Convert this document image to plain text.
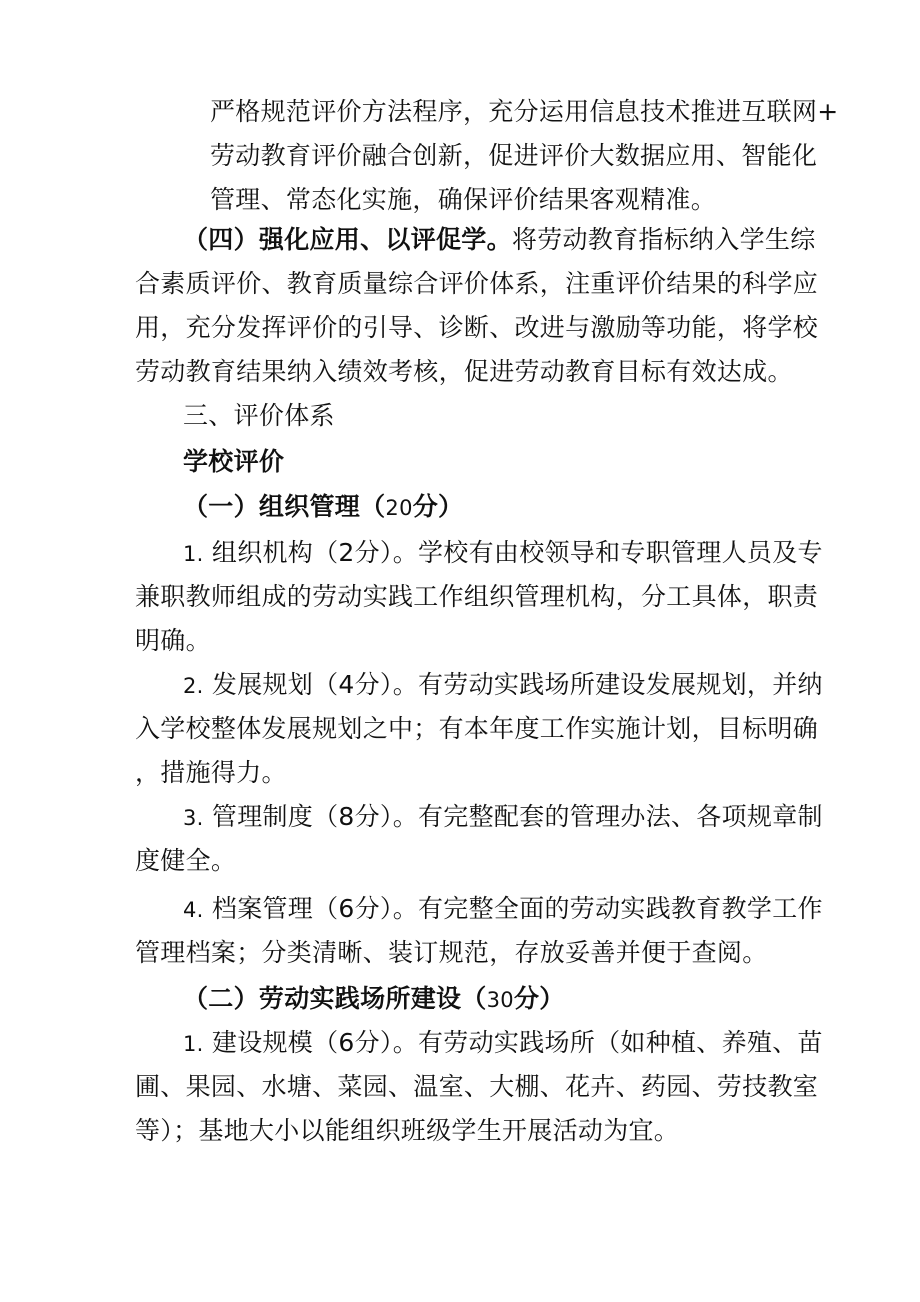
严格规范评价方法程序，充分运用信息技术推进互联网+
劳动教育评价融合创新，促进评价大数据应用、智能化
管理、常态化实施，确保评价结果客观精准。
（四）强化应用、以评促学。将劳动教育指标纳入学生综
合素质评价、教育质量综合评价体系，注重评价结果的科学应
用，充分发挥评价的引导、诊断、改进与激励等功能，将学校
劳动教育结果纳入绩效考核，促进劳动教育目标有效达成。
三、评价体系
学校评价
（一）组织管理（20分）
1. 组织机构（2分）。学校有由校领导和专职管理人员及专
兼职教师组成的劳动实践工作组织管理机构，分工具体，职责
明确。
2. 发展规划（4分）。有劳动实践场所建设发展规划，并纳
入学校整体发展规划之中；有本年度工作实施计划，目标明确
，措施得力。
3. 管理制度（8分）。有完整配套的管理办法、各项规章制
度健全。
4. 档案管理（6分）。有完整全面的劳动实践教育教学工作
管理档案；分类清晰、装订规范，存放妥善并便于查阅。
（二）劳动实践场所建设（30分）
1. 建设规模（6分）。有劳动实践场所（如种植、养殖、苗
圃、果园、水塘、菜园、温室、大棚、花卉、药园、劳技教室
等）；基地大小以能组织班级学生开展活动为宜。
